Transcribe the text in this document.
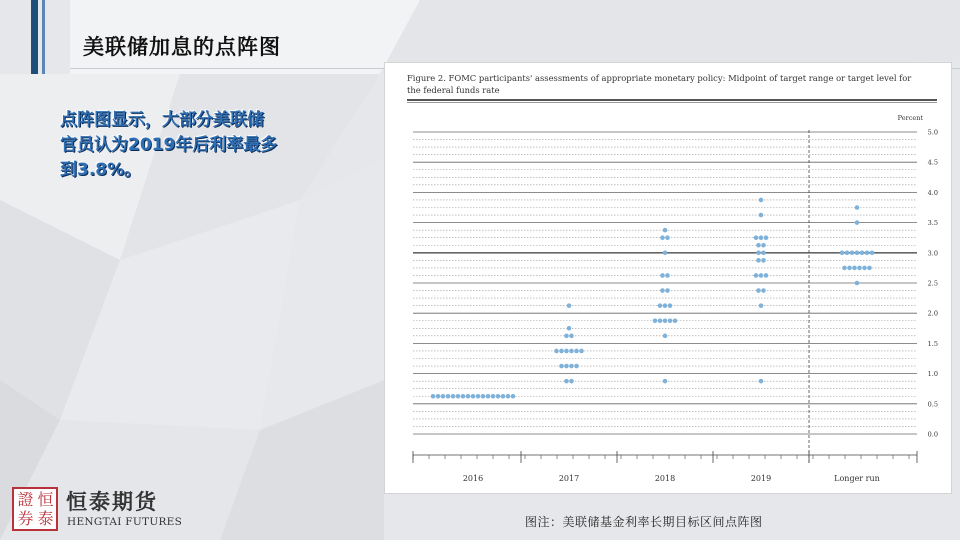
美联储加息的点阵图
点阵图显示，大部分美联储
官员认为2019年后利率最多
到3.8%。
Figure 2. FOMC participants' assessments of appropriate monetary policy: Midpoint of target range or target level for
the federal funds rate
Percent
0.0
0.5
1.0
1.5
2.0
2.5
3.0
3.5
4.0
4.5
5.0
2016	2017	2018	2019	Longer run
图注：美联储基金利率长期目标区间点阵图
證 恒
券 泰
恒泰期货
HENGTAI FUTURES
